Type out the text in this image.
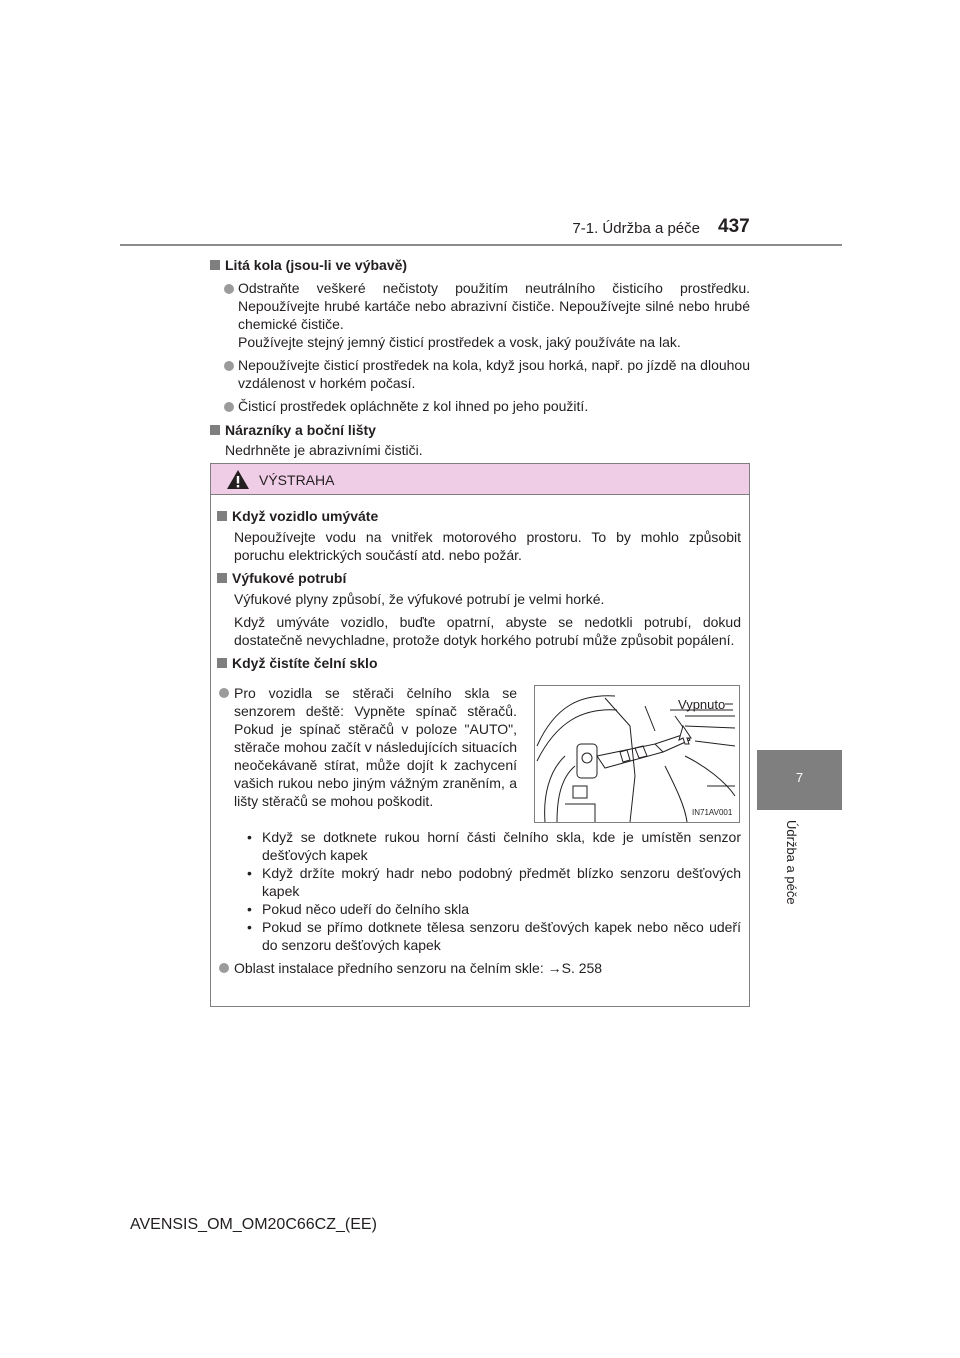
7-1. Údržba a péče 437
7
Údržba a péče
Litá kola (jsou-li ve výbavě)

Odstraňte veškeré nečistoty použitím neutrálního čisticího prostředku. Nepoužívejte hrubé kartáče nebo abrazivní čističe. Nepoužívejte silné nebo hrubé chemické čističe.

Používejte stejný jemný čisticí prostředek a vosk, jaký používáte na lak.

Nepoužívejte čisticí prostředek na kola, když jsou horká, např. po jízdě na dlouhou vzdálenost v horkém počasí.

Čisticí prostředek opláchněte z kol ihned po jeho použití.

Nárazníky a boční lišty
Nedrhněte je abrazivními čističi.
VÝSTRAHA
Když vozidlo umýváte
Nepoužívejte vodu na vnitřek motorového prostoru. To by mohlo způsobit poruchu elektrických součástí atd. nebo požár.
Výfukové potrubí
Výfukové plyny způsobí, že výfukové potrubí je velmi horké.
Když umýváte vozidlo, buďte opatrní, abyste se nedotkli potrubí, dokud dostatečně nevychladne, protože dotyk horkého potrubí může způsobit popálení.
Když čistíte čelní sklo
Pro vozidla se stěrači čelního skla se senzorem deště: Vypněte spínač stěračů. Pokud je spínač stěračů v poloze "AUTO", stěrače mohou začít v následujících situacích neočekávaně stírat, může dojít k zachycení vašich rukou nebo jiným vážným zraněním, a lišty stěračů se mohou poškodit.
Vypnuto
IN71AV001
• Když se dotknete rukou horní části čelního skla, kde je umístěn senzor dešťových kapek
• Když držíte mokrý hadr nebo podobný předmět blízko senzoru dešťových kapek
• Pokud něco udeří do čelního skla
• Pokud se přímo dotknete tělesa senzoru dešťových kapek nebo něco udeří do senzoru dešťových kapek
Oblast instalace předního senzoru na čelním skle: →S. 258
AVENSIS_OM_OM20C66CZ_(EE)
